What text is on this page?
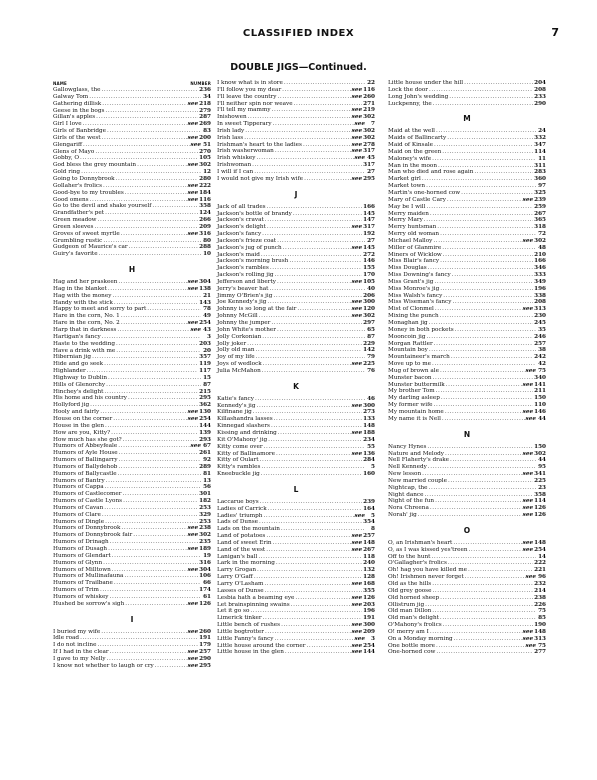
CLASSIFIED INDEX	7
DOUBLE JIGS—Continued.
NAME	NUMBER
Gallowglass, the .....	236
Galway Tom .....	34
Gathering dillisk .....	see 218
Geese in the bogs .....	279
Gillan's apples .....	287
Girl I love .....	see 269
Girls of Banbridge .....	83
Girls of the west .....	see 200
Glengariff .....	see 51
Glens of Mayo .....	270
Gobby, O .....	105
God bless the grey mountain .....	see 302
Gold ring .....	12
Going to Donnybrook .....	280
Gollaher's frolics .....	see 222
Good-bye to my troubles .....	see 184
Good omens .....	see 116
Go to the devil and shake yourself .....	358
Grandfather's pet .....	124
Green meadow .....	266
Green sleeves .....	209
Groves of sweet myrtle .....	see 316
Grumbling rustic .....	80
Gudgeon of Maurice's car .....	288
Guiry's favorite .....	10
H
Hag and her praskeen .....	see 304
Hag in the blanket .....	see 138
Hag with the money .....	21
Handy with the stick .....	143
Happy to meet and sorry to part .....	78
Hare in the corn, No. 1 .....	49
Hare in the corn, No. 2 .....	see 254
Harp that in darkness .....	see 43
Hartigan's fancy .....	3
Haste to the wedding .....	203
Have a drink with me .....	20
Hibernian jig .....	357
Hide and go seek .....	119
Highlander .....	117
Highway to Dublin .....	15
Hills of Glenorchy .....	87
Hinchey's delight .....	215
His home and his country .....	295
Hollyford jig .....	362
Hooly and fairly .....	see 130
House on the corner .....	see 254
House in the glen .....	144
How are you, Kitty? .....	139
How much has she got? .....	293
Humors of Abbeyfeale .....	see 67
Humors of Ayle House .....	261
Humors of Ballingarry .....	92
Humors of Ballydehob .....	289
Humors of Ballycastle .....	81
Humors of Bantry .....	13
Humors of Cappa .....	56
Humors of Castlecomer .....	301
Humors of Castle Lyons .....	182
Humors of Cavan .....	253
Humors of Clare .....	329
Humors of Dingle .....	253
Humors of Donnybrook .....	see 238
Humors of Donnybrook fair .....	see 302
Humors of Drinagh .....	235
Humors of Dusagh .....	see 189
Humors of Glendart .....	19
Humors of Glynn .....	316
Humors of Milltown .....	see 304
Humors of Mullinafauna .....	106
Humors of Trailbane .....	66
Humors of Trim .....	174
Humors of whiskey .....	61
Hushed be sorrow's sigh .....	see 126
I
I buried my wife .....	see 260
Idle road .....	191
I do not incline .....	179
If I had in the clear .....	see 257
I gave to my Nelly .....	see 290
I know not whether to laugh or cry .....	see 295
I know what is in store .....	22
I'll follow you my dear .....	see 116
I'll leave the country .....	see 260
I'll neither spin nor weave .....	271
I'll tell my mammy .....	see 219
Inishowen .....	see 302
In sweet Tipperary .....	see	7
Irish lady .....	see 302
Irish lass .....	see 302
Irishman's heart to the ladies .....	see 278
Irish washerwoman .....	see 317
Irish whiskey .....	see 45
Irishwoman .....	317
I will if I can .....	27
I would not give my Irish wife .....	see 295
J
Jack of all trades .....	166
Jackson's bottle of brandy .....	145
Jackson's cravat .....	147
Jackson's delight .....	see 317
Jackson's fancy .....	192
Jackson's frieze coat .....	27
Jackson's jug of punch .....	see 145
Jackson's maid .....	272
Jackson's morning brush .....	146
Jackson's rambles .....	155
Jackson's rolling jig .....	170
Jefferson and liberty .....	see 105
Jerry's beaver hat .....	40
Jimmy O'Brien's jig .....	206
Joe Kennedy's jig .....	see 300
Johnny is so long at the fair .....	see 120
Johnny McGill .....	see 302
Johnny the jumper .....	297
John White's mother .....	65
Jolly Corkonian .....	87
Jolly joker .....	229
Jolly old man .....	142
Joy of my life .....	79
Joys of wedlock .....	see 225
Julia McMahon .....	76
K
Katie's fancy .....	46
Kennedy's jig .....	see 300
Kilfinane jig .....	273
Killashandra lasses .....	133
Kinnegad slashers .....	148
Kissing and drinking .....	see 188
Kit O'Mahony' jig .....	234
Kitty come over .....	55
Kitty of Ballinamore .....	see 136
Kitty of Oulart .....	284
Kitty's rambles .....	5
Kneebuckle jig .....	160
L
Laccarue boys .....	239
Ladies of Carrick .....	164
Ladies' triumph .....	see	5
Lads of Dunse .....	354
Lads on the mountain .....	8
Land of potatoes .....	see 257
Land of sweet Erin .....	see 148
Land of the west .....	see 267
Lanigan's ball .....	118
Lark in the morning .....	240
Larry Grogan .....	132
Larry O'Gaff .....	128
Larry O'Lasham .....	see 168
Lasses of Dunse .....	355
Lesbia hath a beaming eye .....	see 126
Let brainspinning swains .....	see 203
Let it go so .....	196
Limerick tinker .....	191
Little bench of rushes .....	see 300
Little bogtrotter .....	see 209
Little Fanny's fancy .....	see	3
Little house around the corner .....	see 254
Little house in the glen .....	see 144
Little house under the hill .....	204
Lock the door .....	208
Long John's wedding .....	233
Luckpenny, the .....	290
M
Maid at the well .....	24
Maids of Ballincarty .....	332
Maid of Kinsale .....	347
Maid on the green .....	114
Maloney's wife .....	11
Man in the moon .....	311
Man who died and rose again .....	283
Market girl .....	360
Market town .....	97
Martin's one-horned cow .....	325
Mary of Castle Cary .....	see 239
May be I will .....	259
Merry maiden .....	267
Merry Mary .....	365
Merry huntsman .....	318
Merry old woman .....	72
Michael Malloy .....	see 302
Miller of Glanmire .....	48
Miners of Wicklow .....	210
Miss Blair's fancy .....	166
Miss Douglas .....	346
Miss Downing's fancy .....	333
Miss Grant's jig .....	349
Miss Monroe's jig .....	196
Miss Walsh's fancy .....	338
Miss Wiseman's fancy .....	208
Mist of Clonmel .....	see 313
Mixing the punch .....	230
Monaghan jig .....	245
Money in both pockets .....	35
Mooncoin jig .....	246
Morgan Rattler .....	257
Mountain boy .....	38
Mountaineer's march .....	242
Move up to me .....	42
Mug of brown ale .....	see 75
Munster bacon .....	340
Munster buttermilk .....	see 141
My brother Tom .....	211
My darling asleep .....	150
My former wife .....	110
My mountain home .....	see 146
My name it is Nell .....	see 44
N
Nancy Hynes .....	150
Nature and Melody .....	see 302
Nell Flaherty's drake .....	44
Nell Kennedy .....	95
New lesson .....	see 341
New married couple .....	225
Nightcap, the .....	23
Night dance .....	358
Night of the fun .....	see 114
Nora Chreena .....	see 126
Norah' jig .....	see 126
O
O, an Irishman's heart .....	see 148
O, as I was kissed yes'treen .....	see 254
Off to the hunt .....	14
O'Gallagher's frolics .....	222
Oh! hag you have killed me .....	221
Oh! Irishmen never forget .....	see 96
Old as the hills .....	232
Old grey goose .....	214
Old horned sheep .....	238
Ollistrum jig .....	226
Old man Dillon .....	75
Old man's delight .....	85
O'Mahony's frolics .....	190
O! merry am I .....	see 148
On a Monday morning .....	see 313
One bottle more .....	see 75
One-horned cow .....	277
